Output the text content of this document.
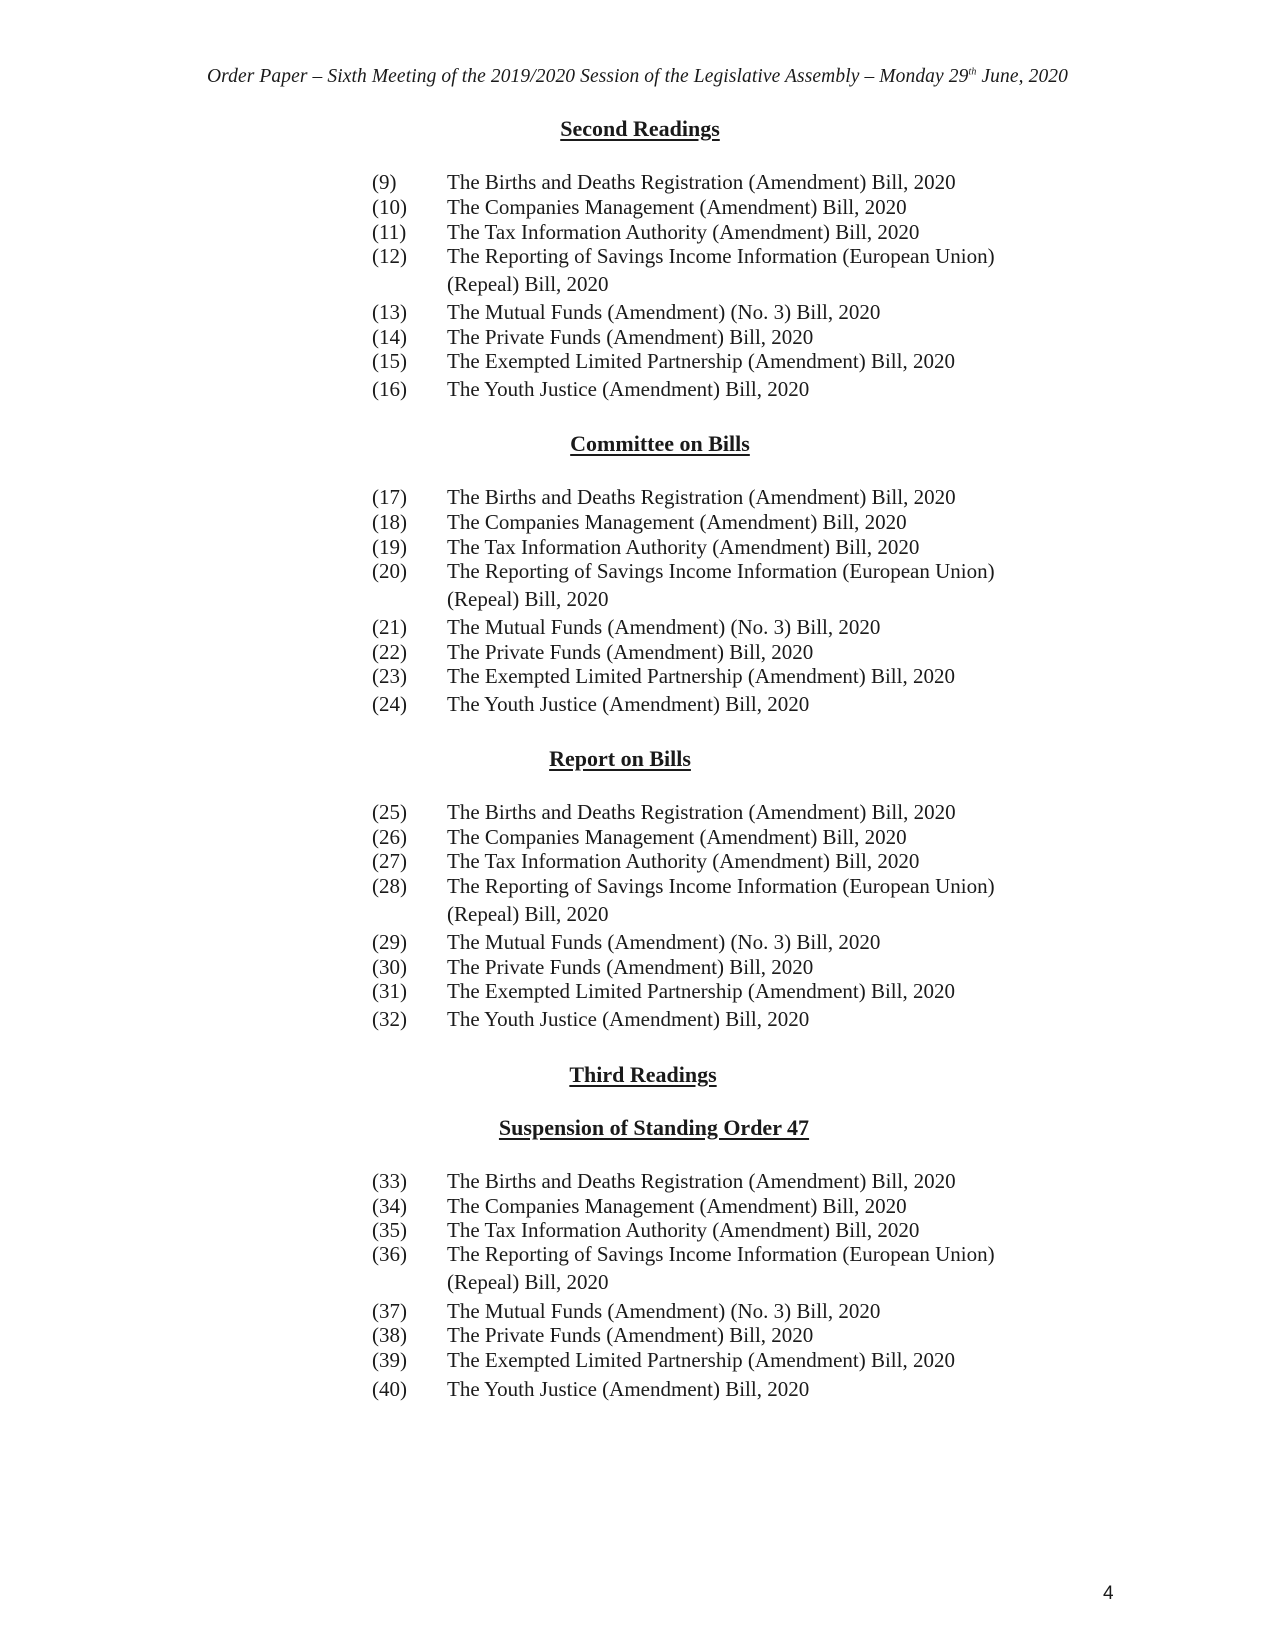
Order Paper – Sixth Meeting of the 2019/2020 Session of the Legislative Assembly – Monday 29th June, 2020
Second Readings
(9) The Births and Deaths Registration (Amendment) Bill, 2020
(10) The Companies Management (Amendment) Bill, 2020
(11) The Tax Information Authority (Amendment) Bill, 2020
(12) The Reporting of Savings Income Information (European Union) (Repeal) Bill, 2020
(13) The Mutual Funds (Amendment) (No. 3) Bill, 2020
(14) The Private Funds (Amendment) Bill, 2020
(15) The Exempted Limited Partnership (Amendment) Bill, 2020
(16) The Youth Justice (Amendment) Bill, 2020
Committee on Bills
(17) The Births and Deaths Registration (Amendment) Bill, 2020
(18) The Companies Management (Amendment) Bill, 2020
(19) The Tax Information Authority (Amendment) Bill, 2020
(20) The Reporting of Savings Income Information (European Union) (Repeal) Bill, 2020
(21) The Mutual Funds (Amendment) (No. 3) Bill, 2020
(22) The Private Funds (Amendment) Bill, 2020
(23) The Exempted Limited Partnership (Amendment) Bill, 2020
(24) The Youth Justice (Amendment) Bill, 2020
Report on Bills
(25) The Births and Deaths Registration (Amendment) Bill, 2020
(26) The Companies Management (Amendment) Bill, 2020
(27) The Tax Information Authority (Amendment) Bill, 2020
(28) The Reporting of Savings Income Information (European Union) (Repeal) Bill, 2020
(29) The Mutual Funds (Amendment) (No. 3) Bill, 2020
(30) The Private Funds (Amendment) Bill, 2020
(31) The Exempted Limited Partnership (Amendment) Bill, 2020
(32) The Youth Justice (Amendment) Bill, 2020
Third Readings
Suspension of Standing Order 47
(33) The Births and Deaths Registration (Amendment) Bill, 2020
(34) The Companies Management (Amendment) Bill, 2020
(35) The Tax Information Authority (Amendment) Bill, 2020
(36) The Reporting of Savings Income Information (European Union) (Repeal) Bill, 2020
(37) The Mutual Funds (Amendment) (No. 3) Bill, 2020
(38) The Private Funds (Amendment) Bill, 2020
(39) The Exempted Limited Partnership (Amendment) Bill, 2020
(40) The Youth Justice (Amendment) Bill, 2020
4
